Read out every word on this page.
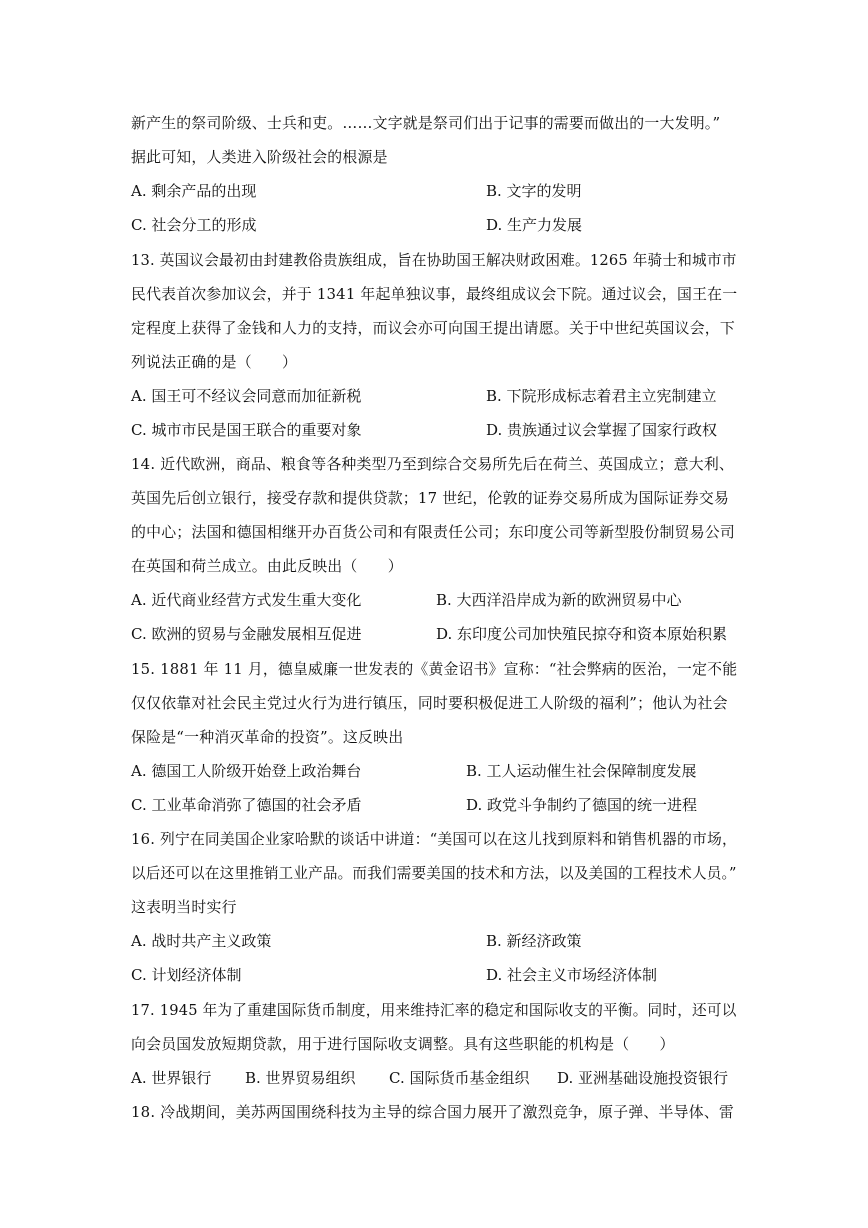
新产生的祭司阶级、士兵和吏。……文字就是祭司们出于记事的需要而做出的一大发明。”
据此可知，人类进入阶级社会的根源是
A. 剩余产品的出现	B. 文字的发明
C. 社会分工的形成	D. 生产力发展
13. 英国议会最初由封建教俗贵族组成，旨在协助国王解决财政困难。1265 年骑士和城市市
民代表首次参加议会，并于 1341 年起单独议事，最终组成议会下院。通过议会，国王在一
定程度上获得了金钱和人力的支持，而议会亦可向国王提出请愿。关于中世纪英国议会，下
列说法正确的是（　　）
A. 国王可不经议会同意而加征新税	B. 下院形成标志着君主立宪制建立
C. 城市市民是国王联合的重要对象	D. 贵族通过议会掌握了国家行政权
14. 近代欧洲，商品、粮食等各种类型乃至到综合交易所先后在荷兰、英国成立；意大利、
英国先后创立银行，接受存款和提供贷款；17 世纪，伦敦的证券交易所成为国际证券交易
的中心；法国和德国相继开办百货公司和有限责任公司；东印度公司等新型股份制贸易公司
在英国和荷兰成立。由此反映出（　　）
A. 近代商业经营方式发生重大变化	B. 大西洋沿岸成为新的欧洲贸易中心
C. 欧洲的贸易与金融发展相互促进	D. 东印度公司加快殖民掠夺和资本原始积累
15. 1881 年 11 月，德皇威廉一世发表的《黄金诏书》宣称：“社会弊病的医治，一定不能
仅仅依靠对社会民主党过火行为进行镇压，同时要积极促进工人阶级的福利”；他认为社会
保险是“一种消灭革命的投资”。这反映出
A. 德国工人阶级开始登上政治舞台	B. 工人运动催生社会保障制度发展
C. 工业革命消弥了德国的社会矛盾	D. 政党斗争制约了德国的统一进程
16. 列宁在同美国企业家哈默的谈话中讲道：“美国可以在这儿找到原料和销售机器的市场，
以后还可以在这里推销工业产品。而我们需要美国的技术和方法，以及美国的工程技术人员。”
这表明当时实行
A. 战时共产主义政策	B. 新经济政策
C. 计划经济体制	D. 社会主义市场经济体制
17. 1945 年为了重建国际货币制度，用来维持汇率的稳定和国际收支的平衡。同时，还可以
向会员国发放短期贷款，用于进行国际收支调整。具有这些职能的机构是（　　）
A. 世界银行 B. 世界贸易组织 C. 国际货币基金组织 D. 亚洲基础设施投资银行
18. 冷战期间，美苏两国围绕科技为主导的综合国力展开了激烈竞争，原子弹、半导体、雷
